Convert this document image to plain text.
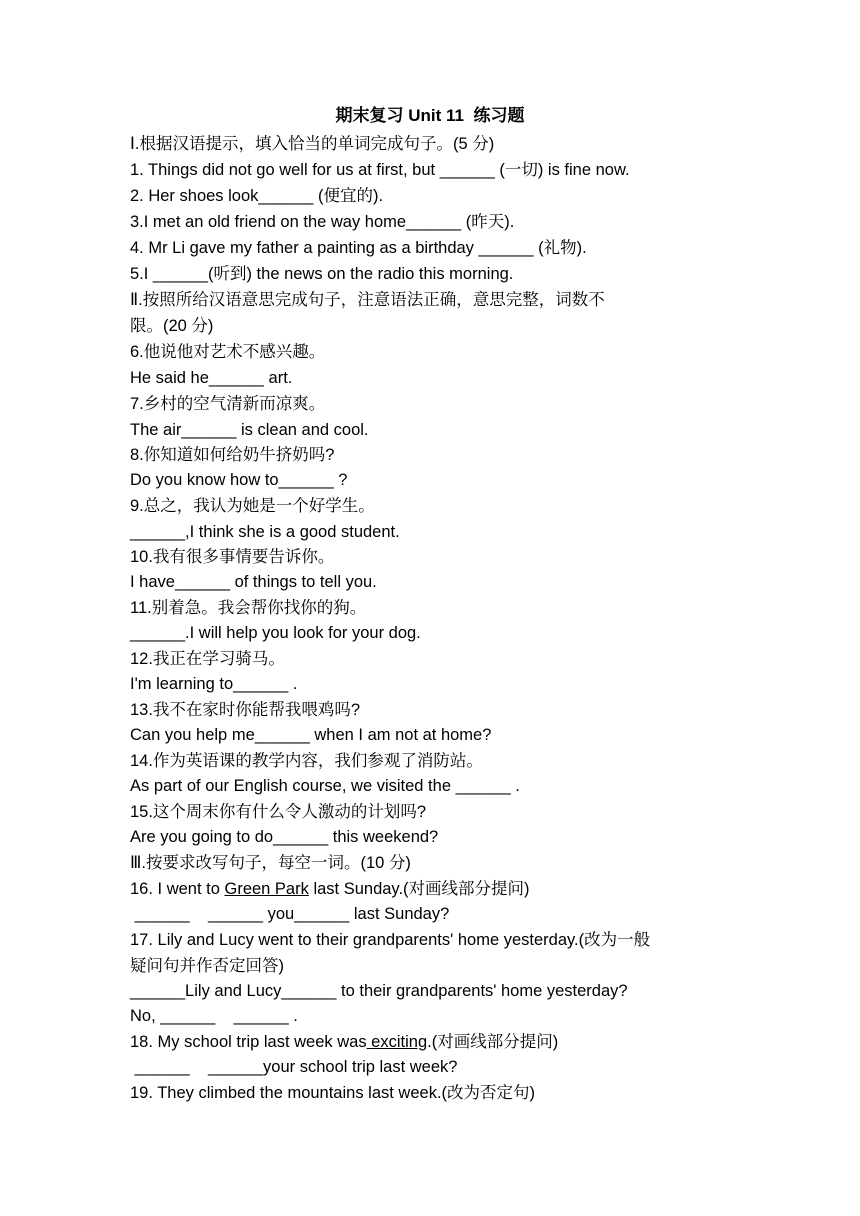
期末复习 Unit 11  练习题
Ⅰ.根据汉语提示，填入恰当的单词完成句子。(5 分)
1. Things did not go well for us at first, but ______ (一切) is fine now.
2. Her shoes look______ (便宜的).
3.I met an old friend on the way home______ (昨天).
4. Mr Li gave my father a painting as a birthday ______ (礼物).
5.I ______(听到) the news on the radio this morning.
Ⅱ.按照所给汉语意思完成句子，注意语法正确，意思完整，词数不
限。(20 分)
6.他说他对艺术不感兴趣。
He said he______ art.
7.乡村的空气清新而凉爽。
The air______ is clean and cool.
8.你知道如何给奶牛挤奶吗?
Do you know how to______ ?
9.总之，我认为她是一个好学生。
______,I think she is a good student.
10.我有很多事情要告诉你。
I have______ of things to tell you.
11.别着急。我会帮你找你的狗。
______.I will help you look for your dog.
12.我正在学习骑马。
I'm learning to______ .
13.我不在家时你能帮我喂鸡吗?
Can you help me______ when I am not at home?
14.作为英语课的教学内容，我们参观了消防站。
As part of our English course, we visited the ______ .
15.这个周末你有什么令人激动的计划吗?
Are you going to do______ this weekend?
Ⅲ.按要求改写句子，每空一词。(10 分)
16. I went to Green Park last Sunday.(对画线部分提问)
______    ______ you______ last Sunday?
17. Lily and Lucy went to their grandparents' home yesterday.(改为一般
疑问句并作否定回答)
______Lily and Lucy______ to their grandparents' home yesterday?
No, ______    ______ .
18. My school trip last week was exciting.(对画线部分提问)
______    ______your school trip last week?
19. They climbed the mountains last week.(改为否定句)
